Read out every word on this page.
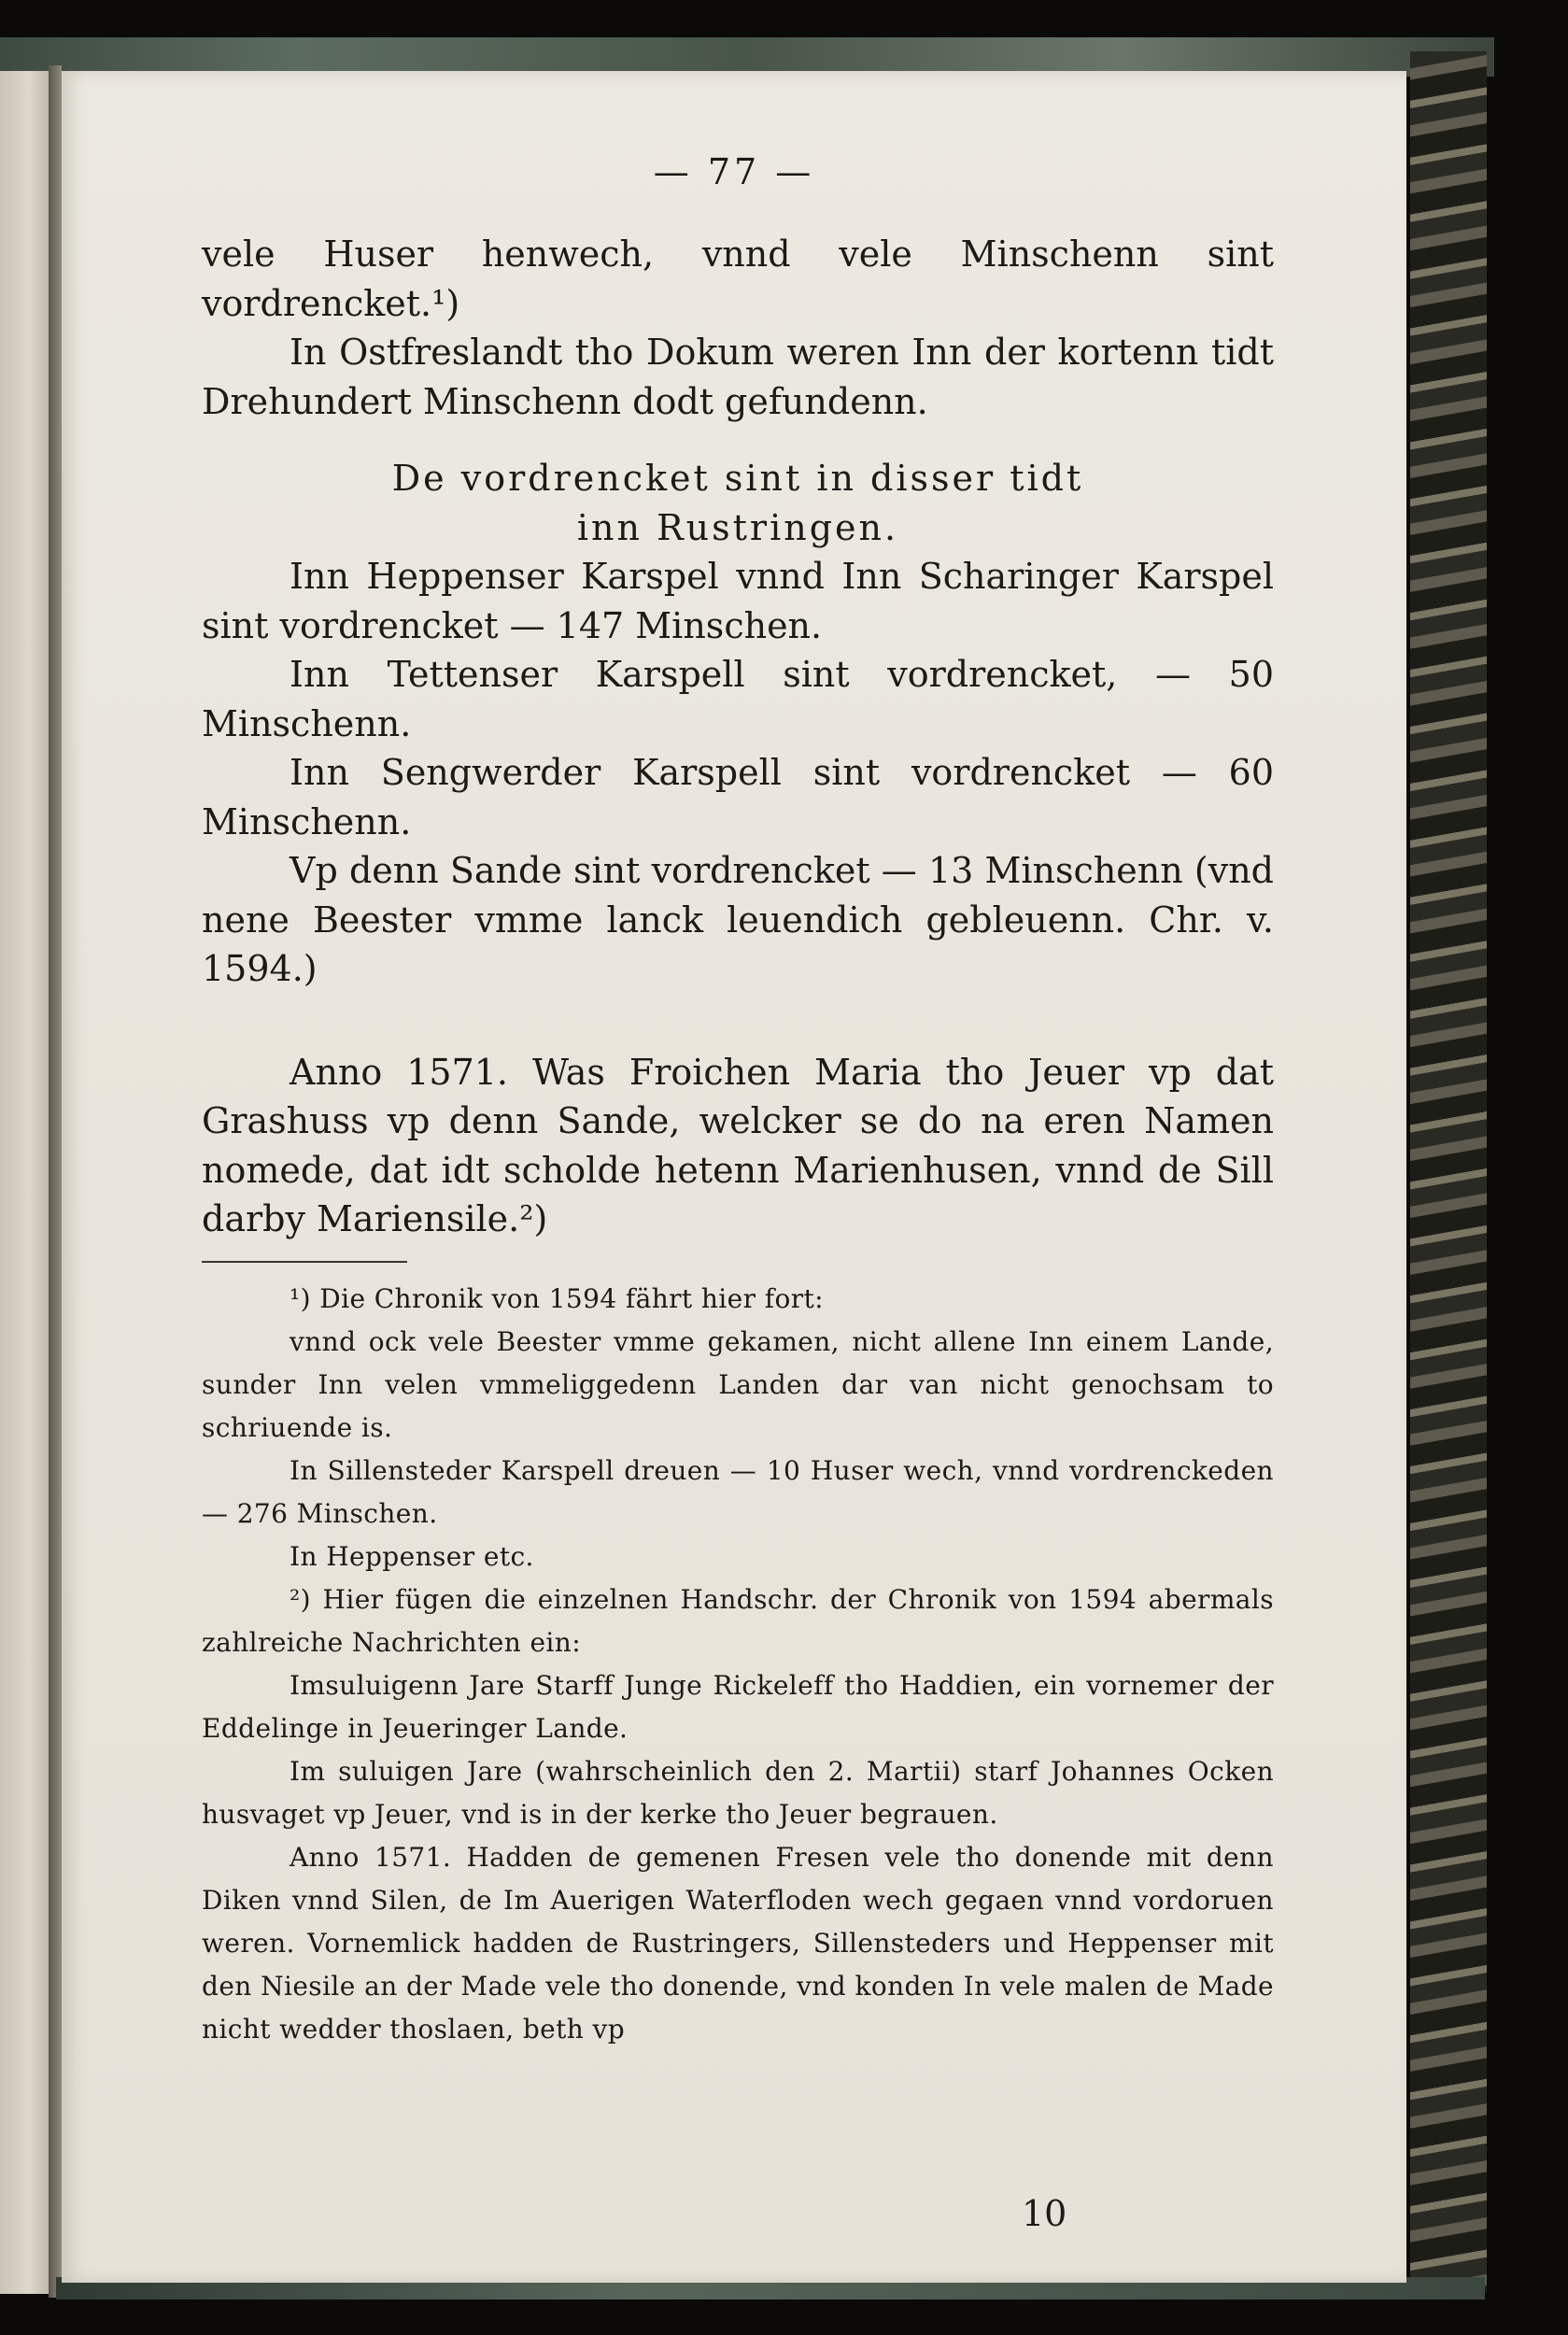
— 77 —

vele Huser henwech, vnnd vele Minschenn sint vordrencket.¹)

In Ostfreslandt tho Dokum weren Inn der kortenn tidt Drehundert Minschenn dodt gefundenn.

De vordrencket sint in disser tidt

inn Rustringen.

Inn Heppenser Karspel vnnd Inn Scharinger Karspel sint vordrencket — 147 Minschen.

Inn Tettenser Karspell sint vordrencket, — 50 Minschenn.

Inn Sengwerder Karspell sint vordrencket — 60 Minschenn.

Vp denn Sande sint vordrencket — 13 Minschenn (vnd nene Beester vmme lanck leuendich gebleuenn. Chr. v. 1594.)

Anno 1571. Was Froichen Maria tho Jeuer vp dat Grashuss vp denn Sande, welcker se do na eren Namen nomede, dat idt scholde hetenn Marienhusen, vnnd de Sill darby Mariensile.²)

¹) Die Chronik von 1594 fährt hier fort:

vnnd ock vele Beester vmme gekamen, nicht allene Inn einem Lande, sunder Inn velen vmmeliggedenn Landen dar van nicht genochsam to schriuende is.

In Sillensteder Karspell dreuen — 10 Huser wech, vnnd vordrenckeden — 276 Minschen.

In Heppenser etc.

²) Hier fügen die einzelnen Handschr. der Chronik von 1594 abermals zahlreiche Nachrichten ein:

Imsuluigenn Jare Starff Junge Rickeleff tho Haddien, ein vornemer der Eddelinge in Jeueringer Lande.

Im suluigen Jare (wahrscheinlich den 2. Martii) starf Johannes Ocken husvaget vp Jeuer, vnd is in der kerke tho Jeuer begrauen.

Anno 1571. Hadden de gemenen Fresen vele tho donende mit denn Diken vnnd Silen, de Im Auerigen Waterfloden wech gegaen vnnd vordoruen weren. Vornemlick hadden de Rustringers, Sillensteders und Heppenser mit den Niesile an der Made vele tho donende, vnd konden In vele malen de Made nicht wedder thoslaen, beth vp

10
